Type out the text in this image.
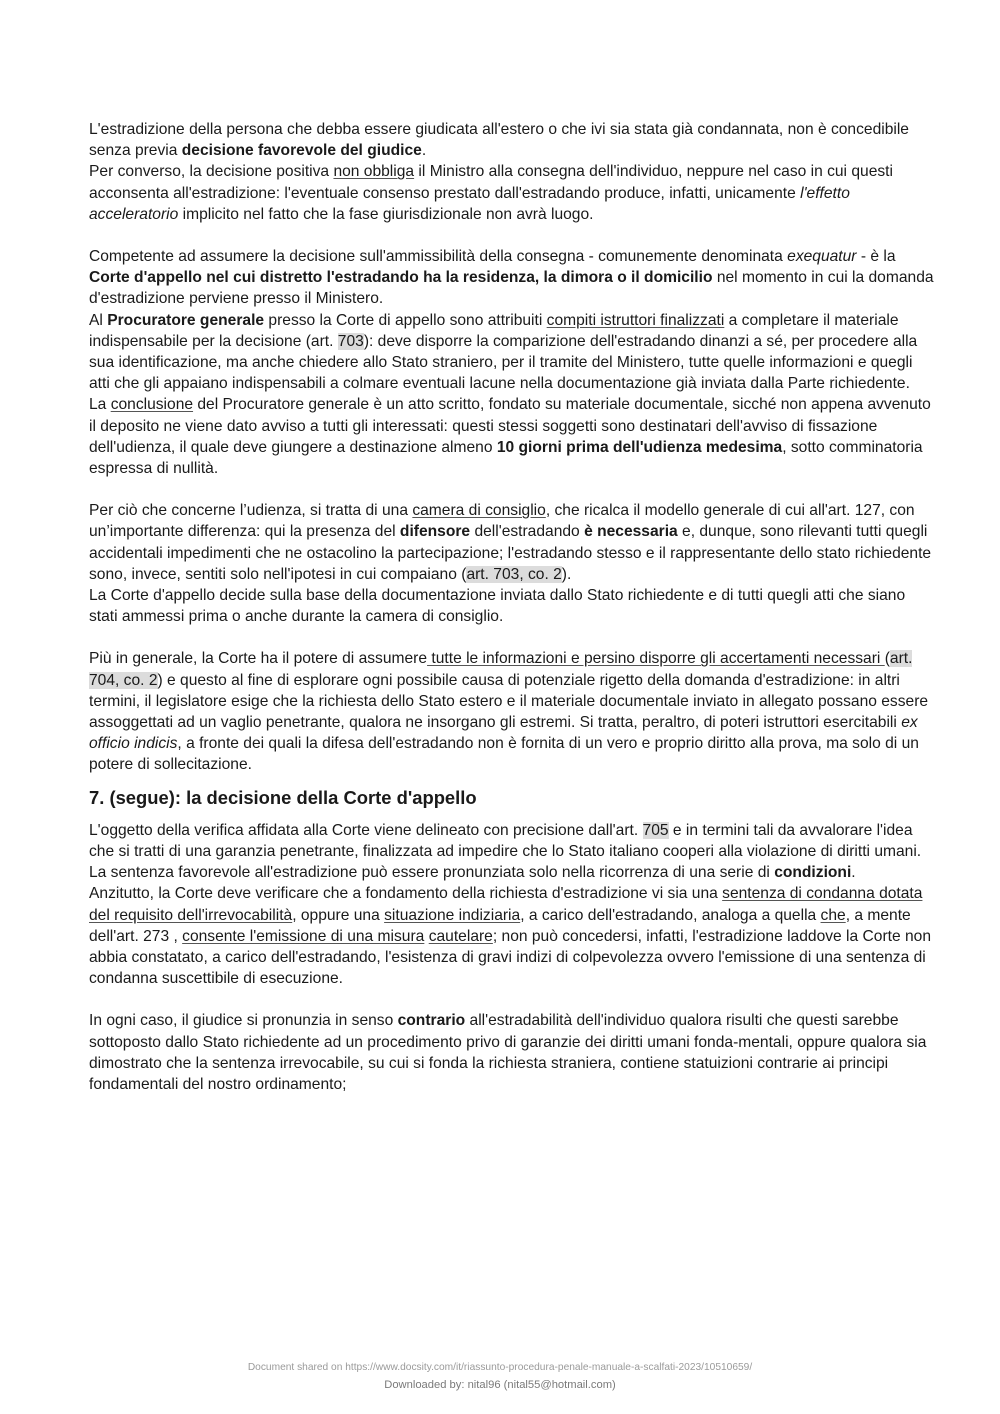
L'estradizione della persona che debba essere giudicata all'estero o che ivi sia stata già condannata, non è concedibile senza previa decisione favorevole del giudice.

Per converso, la decisione positiva non obbliga il Ministro alla consegna dell'individuo, neppure nel caso in cui questi acconsenta all'estradizione: l'eventuale consenso prestato dall'estradando produce, infatti, unicamente l'effetto acceleratorio implicito nel fatto che la fase giurisdizionale non avrà luogo.

Competente ad assumere la decisione sull'ammissibilità della consegna - comunemente denominata exequatur - è la Corte d'appello nel cui distretto l'estradando ha la residenza, la dimora o il domicilio nel momento in cui la domanda d'estradizione perviene presso il Ministero.

Al Procuratore generale presso la Corte di appello sono attribuiti compiti istruttori finalizzati a completare il materiale indispensabile per la decisione (art. 703): deve disporre la comparizione dell'estradando dinanzi a sé, per procedere alla sua identificazione, ma anche chiedere allo Stato straniero, per il tramite del Ministero, tutte quelle informazioni e quegli atti che gli appaiano indispensabili a colmare eventuali lacune nella documentazione già inviata dalla Parte richiedente.

La conclusione del Procuratore generale è un atto scritto, fondato su materiale documentale, sicché non appena avvenuto il deposito ne viene dato avviso a tutti gli interessati: questi stessi soggetti sono destinatari dell'avviso di fissazione dell'udienza, il quale deve giungere a destinazione almeno 10 giorni prima dell'udienza medesima, sotto comminatoria espressa di nullità.

Per ciò che concerne l’udienza, si tratta di una camera di consiglio, che ricalca il modello generale di cui all'art. 127, con un’importante differenza: qui la presenza del difensore dell'estradando è necessaria e, dunque, sono rilevanti tutti quegli accidentali impedimenti che ne ostacolino la partecipazione; l'estradando stesso e il rappresentante dello stato richiedente sono, invece, sentiti solo nell'ipotesi in cui compaiano (art. 703, co. 2).

La Corte d'appello decide sulla base della documentazione inviata dallo Stato richiedente e di tutti quegli atti che siano stati ammessi prima o anche durante la camera di consiglio.

Più in generale, la Corte ha il potere di assumere tutte le informazioni e persino disporre gli accertamenti necessari (art. 704, co. 2) e questo al fine di esplorare ogni possibile causa di potenziale rigetto della domanda d'estradizione: in altri termini, il legislatore esige che la richiesta dello Stato estero e il materiale documentale inviato in allegato possano essere assoggettati ad un vaglio penetrante, qualora ne insorgano gli estremi. Si tratta, peraltro, di poteri istruttori esercitabili ex officio indicis, a fronte dei quali la difesa dell'estradando non è fornita di un vero e proprio diritto alla prova, ma solo di un potere di sollecitazione.

7. (segue): la decisione della Corte d'appello

L'oggetto della verifica affidata alla Corte viene delineato con precisione dall'art. 705 e in termini tali da avvalorare l'idea che si tratti di una garanzia penetrante, finalizzata ad impedire che lo Stato italiano cooperi alla violazione di diritti umani.

La sentenza favorevole all'estradizione può essere pronunziata solo nella ricorrenza di una serie di condizioni.

Anzitutto, la Corte deve verificare che a fondamento della richiesta d'estradizione vi sia una sentenza di condanna dotata del requisito dell'irrevocabilità, oppure una situazione indiziaria, a carico dell'estradando, analoga a quella che, a mente dell'art. 273 , consente l'emissione di una misura cautelare; non può concedersi, infatti, l'estradizione laddove la Corte non abbia constatato, a carico dell'estradando, l'esistenza di gravi indizi di colpevolezza ovvero l'emissione di una sentenza di condanna suscettibile di esecuzione.

In ogni caso, il giudice si pronunzia in senso contrario all'estradabilità dell'individuo qualora risulti che questi sarebbe sottoposto dallo Stato richiedente ad un procedimento privo di garanzie dei diritti umani fonda-mentali, oppure qualora sia dimostrato che la sentenza irrevocabile, su cui si fonda la richiesta straniera, contiene statuizioni contrarie ai principi fondamentali del nostro ordinamento;

Document shared on https://www.docsity.com/it/riassunto-procedura-penale-manuale-a-scalfati-2023/10510659/
Downloaded by: nital96 (nital55@hotmail.com)
